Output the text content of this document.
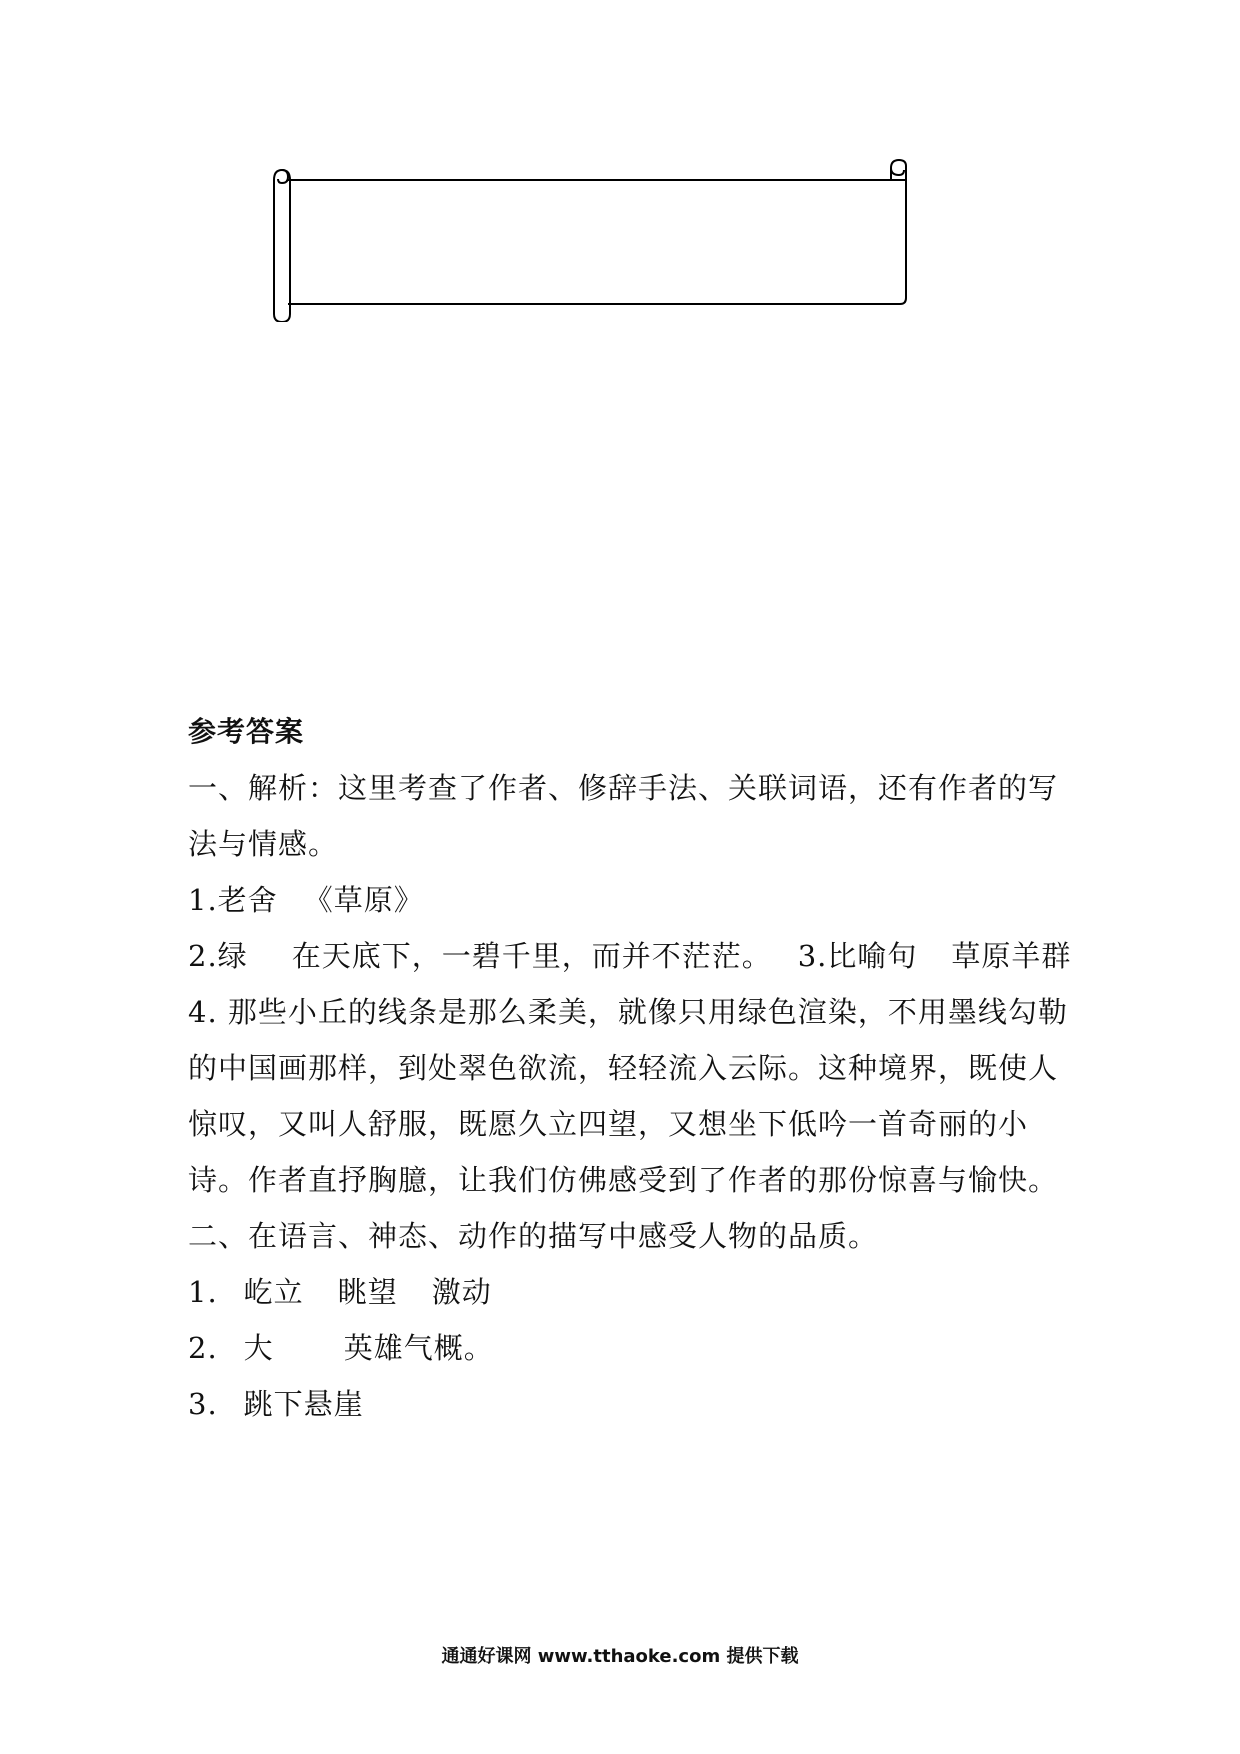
参考答案
一、解析：这里考查了作者、修辞手法、关联词语，还有作者的写
法与情感。
1.老舍 《草原》
2.绿 在天底下，一碧千里，而并不茫茫。 3.比喻句 草原羊群
4. 那些小丘的线条是那么柔美，就像只用绿色渲染，不用墨线勾勒
的中国画那样，到处翠色欲流，轻轻流入云际。这种境界，既使人
惊叹，又叫人舒服，既愿久立四望，又想坐下低吟一首奇丽的小
诗。作者直抒胸臆，让我们仿佛感受到了作者的那份惊喜与愉快。
二、在语言、神态、动作的描写中感受人物的品质。
1. 屹立 眺望 激动
2. 大 英雄气概。
3. 跳下悬崖
通通好课网 www.tthaoke.com 提供下载
